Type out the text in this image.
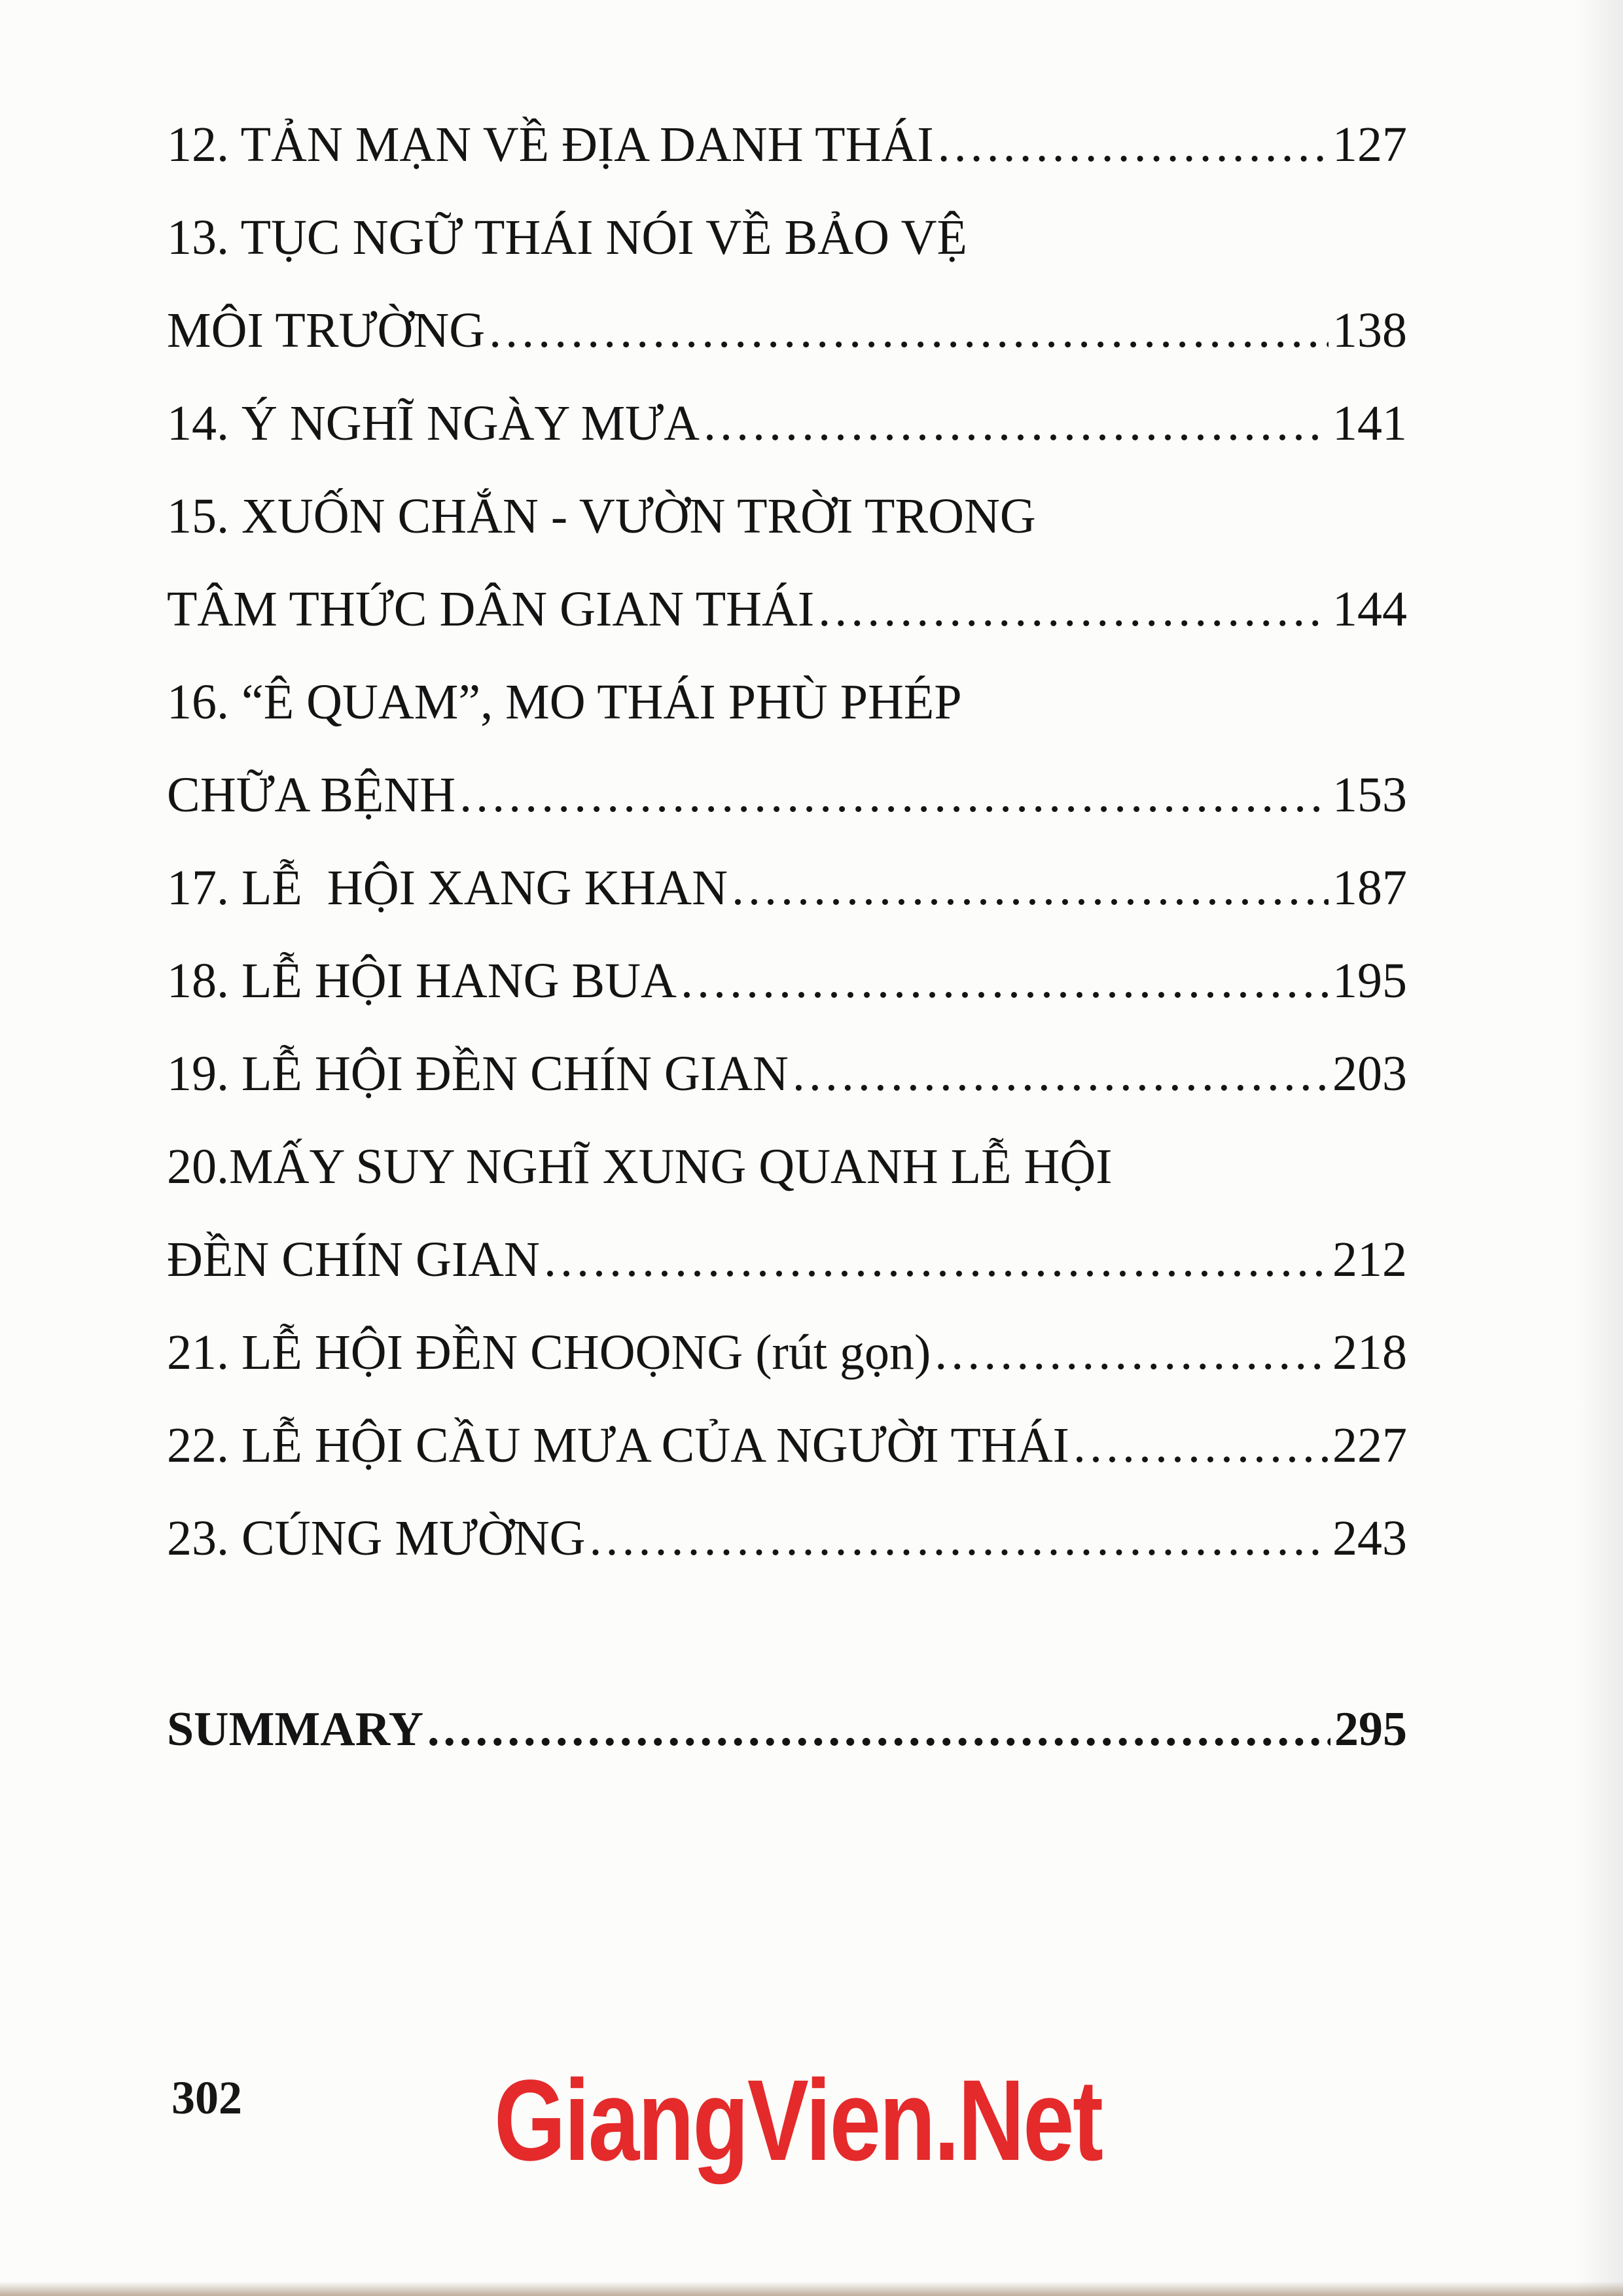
12. TẢN MẠN VỀ ĐỊA DANH THÁI .....	127
13. TỤC NGỮ THÁI NÓI VỀ BẢO VỆ
MÔI TRƯỜNG .....	138
14. Ý NGHĨ NGÀY MƯA .....	141
15. XUỐN CHẮN - VƯỜN TRỜI TRONG
TÂM THỨC DÂN GIAN THÁI .....	144
16. “Ê QUAM”, MO THÁI PHÙ PHÉP
CHỮA BỆNH .....	153
17. LỄ  HỘI XANG KHAN .....	187
18. LỄ HỘI HANG BUA .....	195
19. LỄ HỘI ĐỀN CHÍN GIAN .....	203
20.MẤY SUY NGHĨ XUNG QUANH LỄ HỘI
ĐỀN CHÍN GIAN .....	212
21. LỄ HỘI ĐỀN CHOỌNG (rút gọn) .....	218
22. LỄ HỘI CẦU MƯA CỦA NGƯỜI THÁI .....	227
23. CÚNG MƯỜNG .....	243
SUMMARY .....	295
302 GiangVien.Net
